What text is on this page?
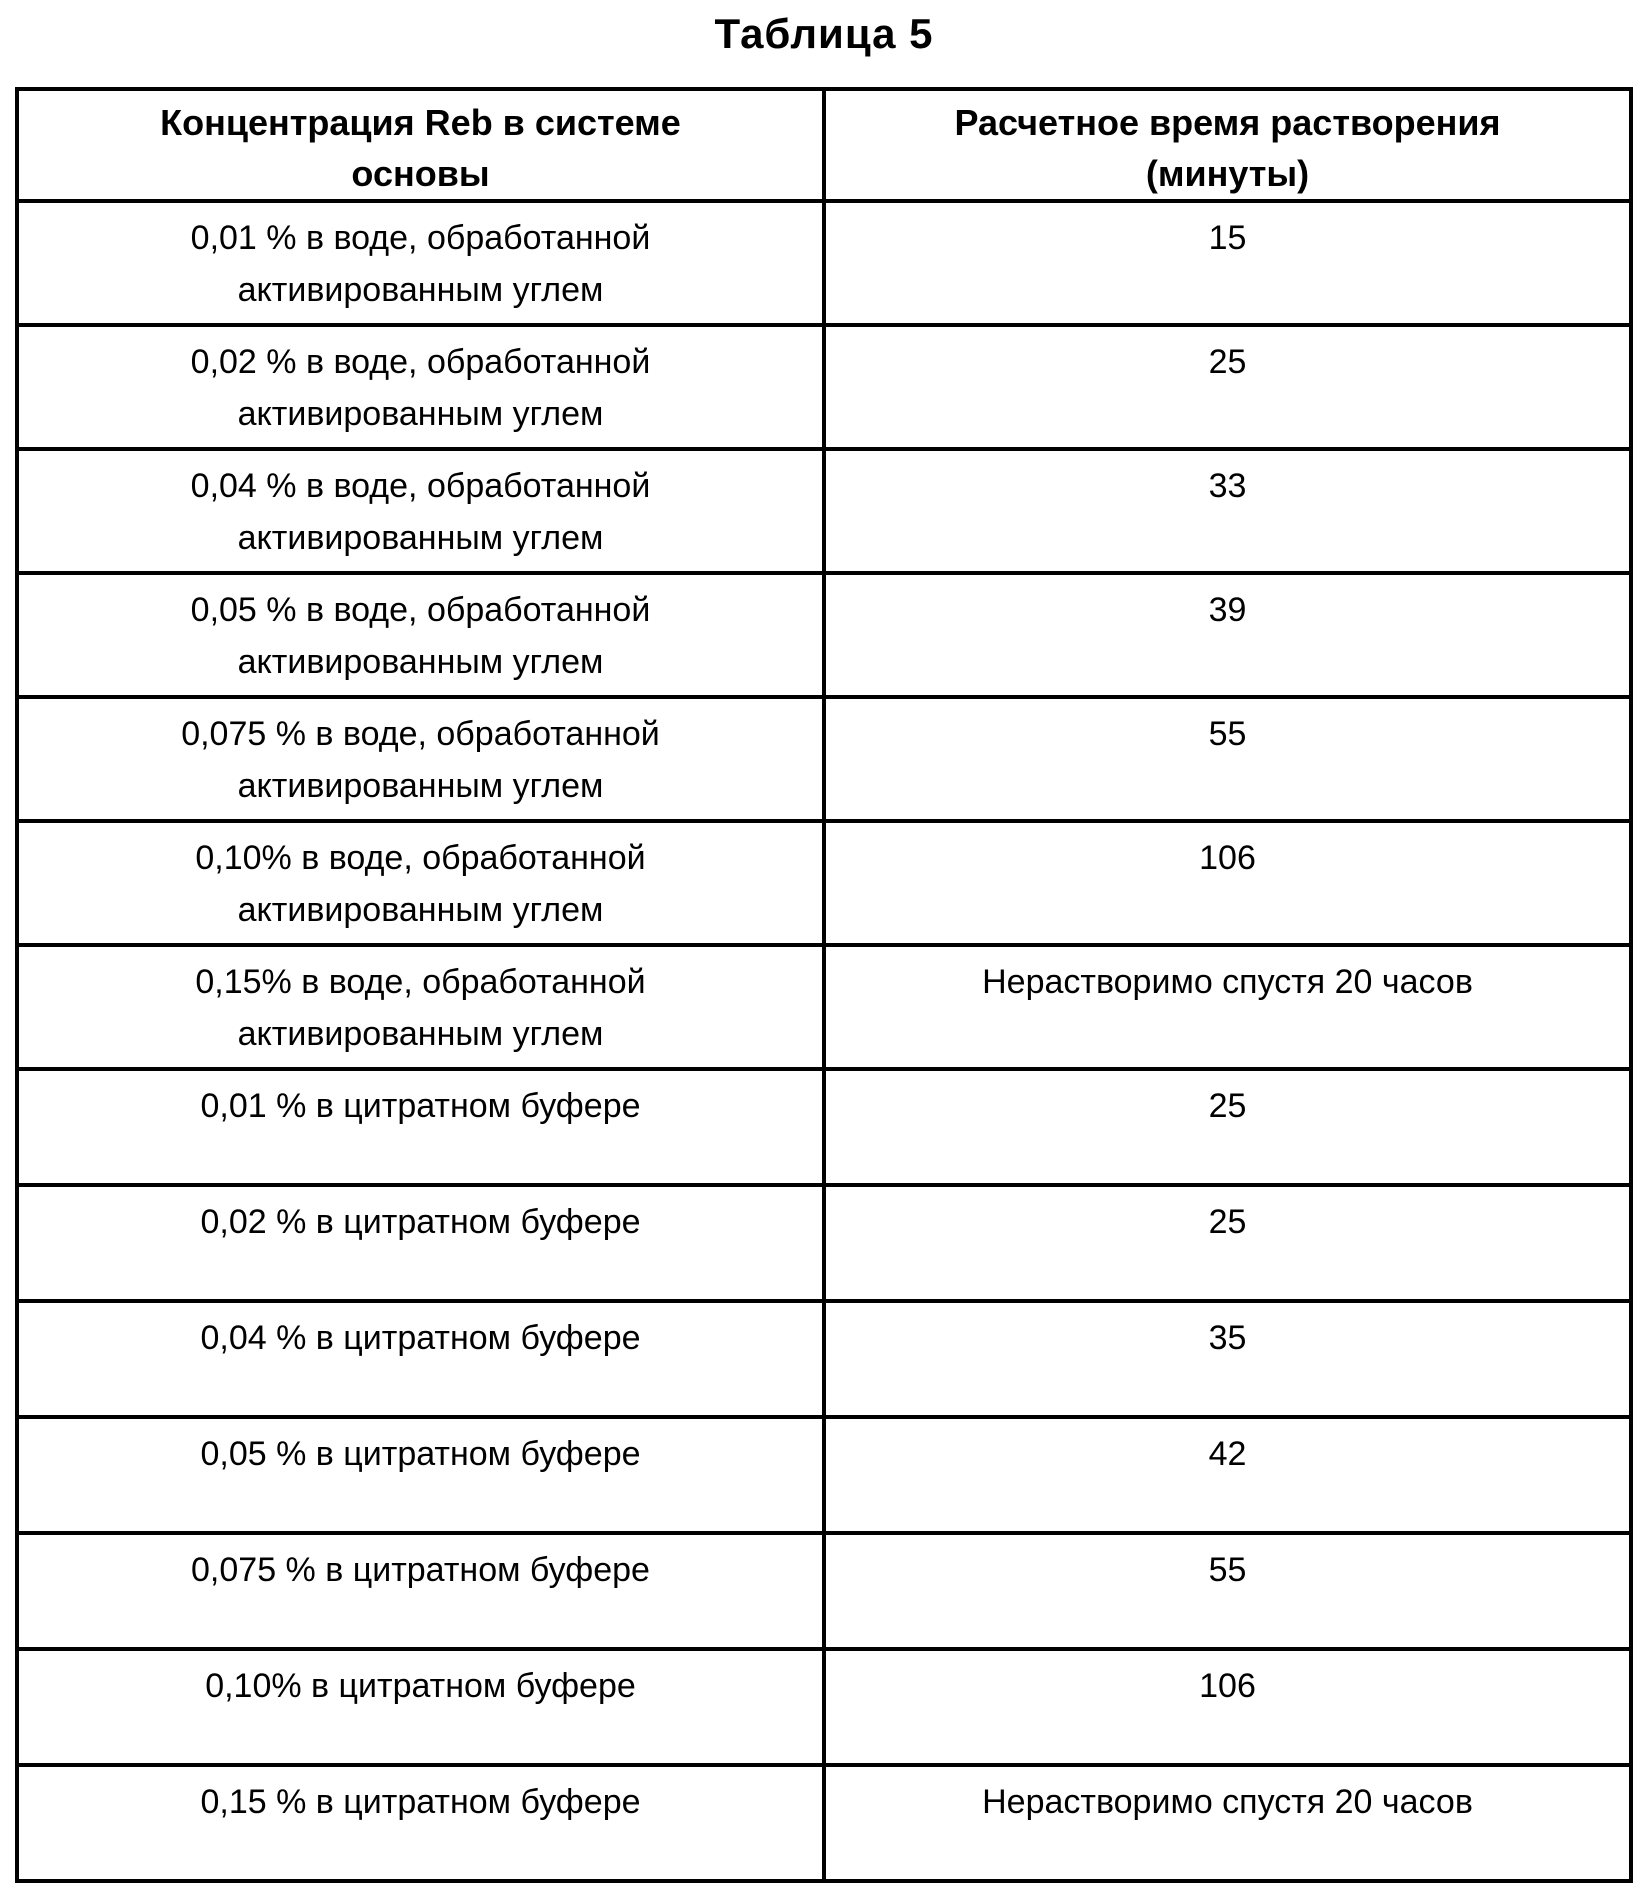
Таблица 5
Концентрация Reb в системе
основы	Расчетное время растворения
(минуты)
0,01 % в воде, обработанной
активированным углем	15
0,02 % в воде, обработанной
активированным углем	25
0,04 % в воде, обработанной
активированным углем	33
0,05 % в воде, обработанной
активированным углем	39
0,075 % в воде, обработанной
активированным углем	55
0,10% в воде, обработанной
активированным углем	106
0,15% в воде, обработанной
активированным углем	Нерастворимо спустя 20 часов
0,01 % в цитратном буфере	25
0,02 % в цитратном буфере	25
0,04 % в цитратном буфере	35
0,05 % в цитратном буфере	42
0,075 % в цитратном буфере	55
0,10% в цитратном буфере	106
0,15 % в цитратном буфере	Нерастворимо спустя 20 часов
